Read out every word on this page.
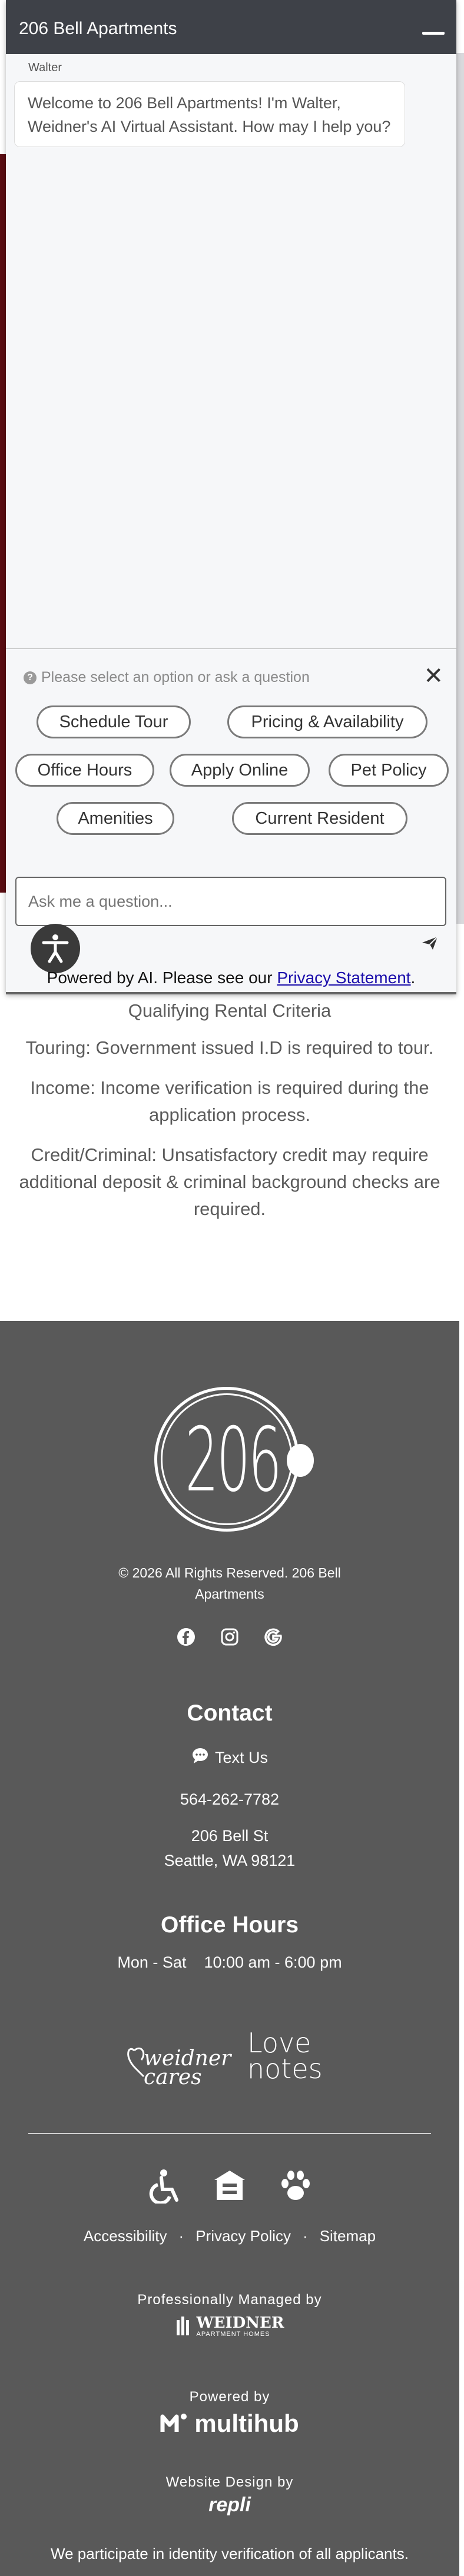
Qualifying Rental Criteria
Touring: Government issued I.D is required to tour.
Income: Income verification is required during the application process.
Credit/Criminal: Unsatisfactory credit may require additional deposit & criminal background checks are required.
206
© 2026 All Rights Reserved. 206 Bell Apartments
Contact
Text Us
564-262-7782
206 Bell St
Seattle, WA 98121
Office Hours
Mon - Sat    10:00 am - 6:00 pm
weidner cares
Love notes
Accessibility · Privacy Policy · Sitemap
Professionally Managed by
WEIDNER
APARTMENT HOMES
Powered by
multihub
Website Design by
repli
We participate in identity verification of all applicants.
206 Bell Apartments
Walter
Welcome to 206 Bell Apartments! I'm Walter, Weidner's AI Virtual Assistant. How may I help you?
? Please select an option or ask a question	✕
Schedule Tour	Pricing & Availability
Office Hours	Apply Online	Pet Policy
Amenities	Current Resident
Ask me a question...
Powered by AI. Please see our Privacy Statement.
